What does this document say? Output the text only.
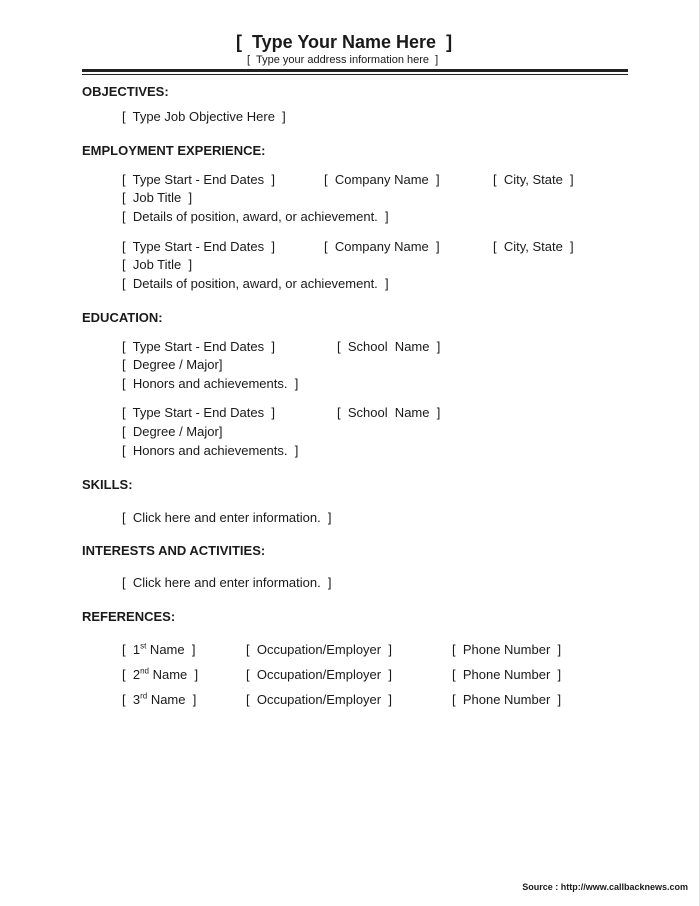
[  Type Your Name Here  ]
[  Type your address information here  ]
OBJECTIVES:
[  Type Job Objective Here  ]
EMPLOYMENT EXPERIENCE:
[  Type Start - End Dates  ]	[  Company Name  ]	[  City, State  ]
[  Job Title  ]
[  Details of position, award, or achievement.  ]
[  Type Start - End Dates  ]	[  Company Name  ]	[  City, State  ]
[  Job Title  ]
[  Details of position, award, or achievement.  ]
EDUCATION:
[  Type Start - End Dates  ]	[  School  Name  ]
[  Degree / Major]
[  Honors and achievements.  ]
[  Type Start - End Dates  ]	[  School  Name  ]
[  Degree / Major]
[  Honors and achievements.  ]
SKILLS:
[  Click here and enter information.  ]
INTERESTS AND ACTIVITIES:
[  Click here and enter information.  ]
REFERENCES:
[  1st Name  ]	[  Occupation/Employer  ]	[  Phone Number  ]
[  2nd Name  ]	[  Occupation/Employer  ]	[  Phone Number  ]
[  3rd Name  ]	[  Occupation/Employer  ]	[  Phone Number  ]
Source : http://www.callbacknews.com
